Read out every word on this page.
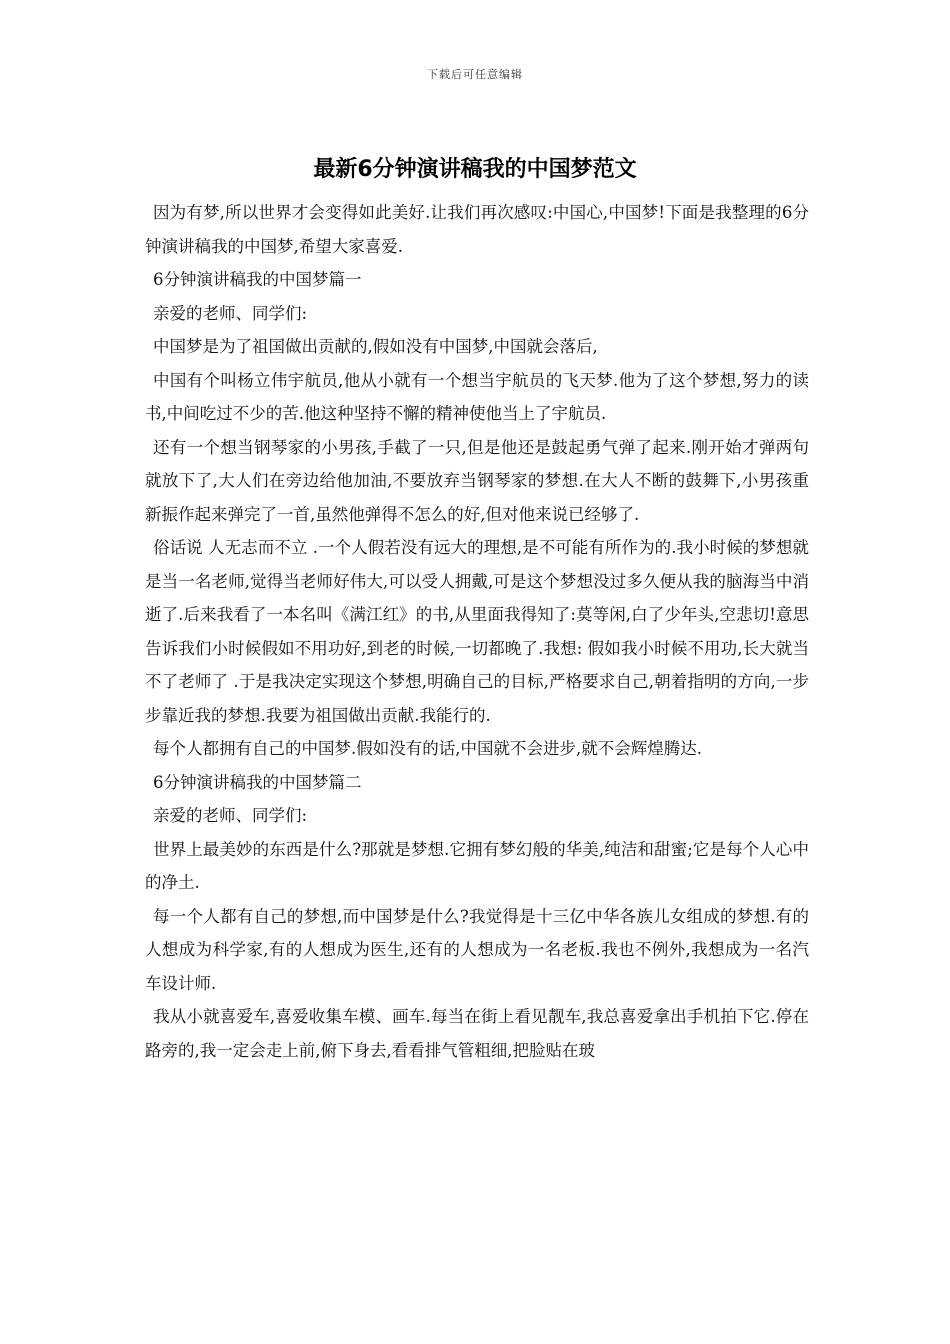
下载后可任意编辑
最新6分钟演讲稿我的中国梦范文

因为有梦,所以世界才会变得如此美好.让我们再次感叹:中国心,中国梦!下面是我整理的6分钟演讲稿我的中国梦,希望大家喜爱.

6分钟演讲稿我的中国梦篇一

亲爱的老师、同学们:

中国梦是为了祖国做出贡献的,假如没有中国梦,中国就会落后,

中国有个叫杨立伟宇航员,他从小就有一个想当宇航员的飞天梦.他为了这个梦想,努力的读书,中间吃过不少的苦.他这种坚持不懈的精神使他当上了宇航员.

还有一个想当钢琴家的小男孩,手截了一只,但是他还是鼓起勇气弹了起来.刚开始才弹两句就放下了,大人们在旁边给他加油,不要放弃当钢琴家的梦想.在大人不断的鼓舞下,小男孩重新振作起来弹完了一首,虽然他弹得不怎么的好,但对他来说已经够了.

俗话说 人无志而不立 .一个人假若没有远大的理想,是不可能有所作为的.我小时候的梦想就是当一名老师,觉得当老师好伟大,可以受人拥戴,可是这个梦想没过多久便从我的脑海当中消逝了.后来我看了一本名叫《满江红》的书,从里面我得知了:莫等闲,白了少年头,空悲切!意思告诉我们小时候假如不用功好,到老的时候,一切都晚了.我想: 假如我小时候不用功,长大就当不了老师了 .于是我决定实现这个梦想,明确自己的目标,严格要求自己,朝着指明的方向,一步步靠近我的梦想.我要为祖国做出贡献.我能行的.

每个人都拥有自己的中国梦.假如没有的话,中国就不会进步,就不会辉煌腾达.

6分钟演讲稿我的中国梦篇二

亲爱的老师、同学们:

世界上最美妙的东西是什么?那就是梦想.它拥有梦幻般的华美,纯洁和甜蜜;它是每个人心中的净土.

每一个人都有自己的梦想,而中国梦是什么?我觉得是十三亿中华各族儿女组成的梦想.有的人想成为科学家,有的人想成为医生,还有的人想成为一名老板.我也不例外,我想成为一名汽车设计师.

我从小就喜爱车,喜爱收集车模、画车.每当在街上看见靓车,我总喜爱拿出手机拍下它.停在路旁的,我一定会走上前,俯下身去,看看排气管粗细,把脸贴在玻
